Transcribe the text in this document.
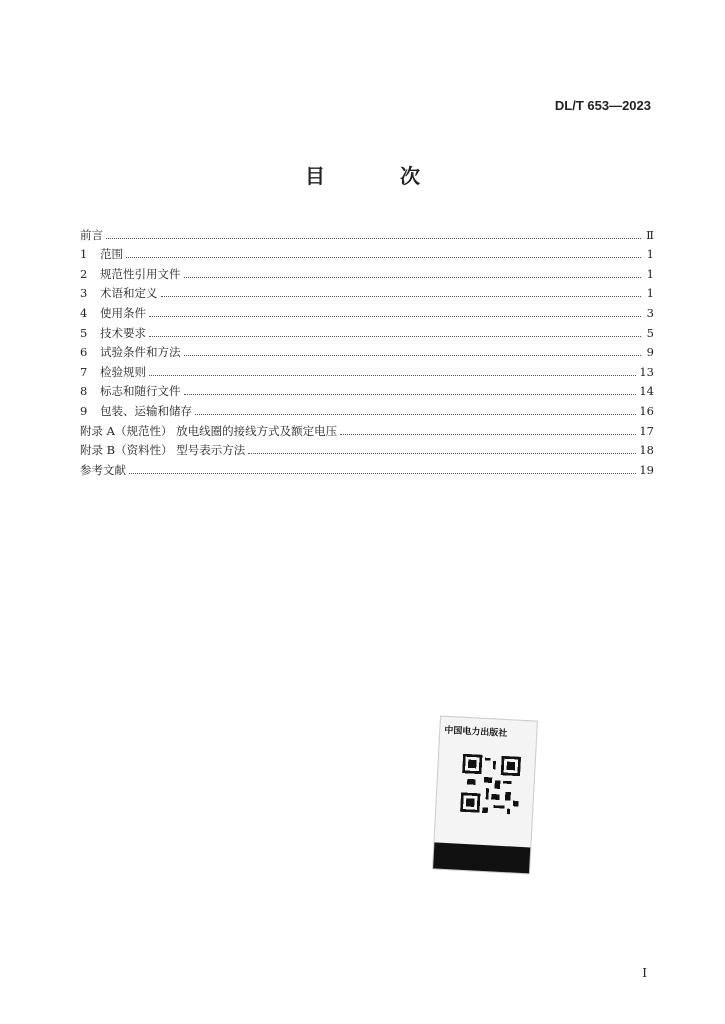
DL/T 653—2023
目 次
前言	Ⅱ
1 范围	1
2 规范性引用文件	1
3 术语和定义	1
4 使用条件	3
5 技术要求	5
6 试验条件和方法	9
7 检验规则	13
8 标志和随行文件	14
9 包装、运输和储存	16
附录 A（规范性） 放电线圈的接线方式及额定电压	17
附录 B（资料性） 型号表示方法	18
参考文献	19
中国电力出版社
I
